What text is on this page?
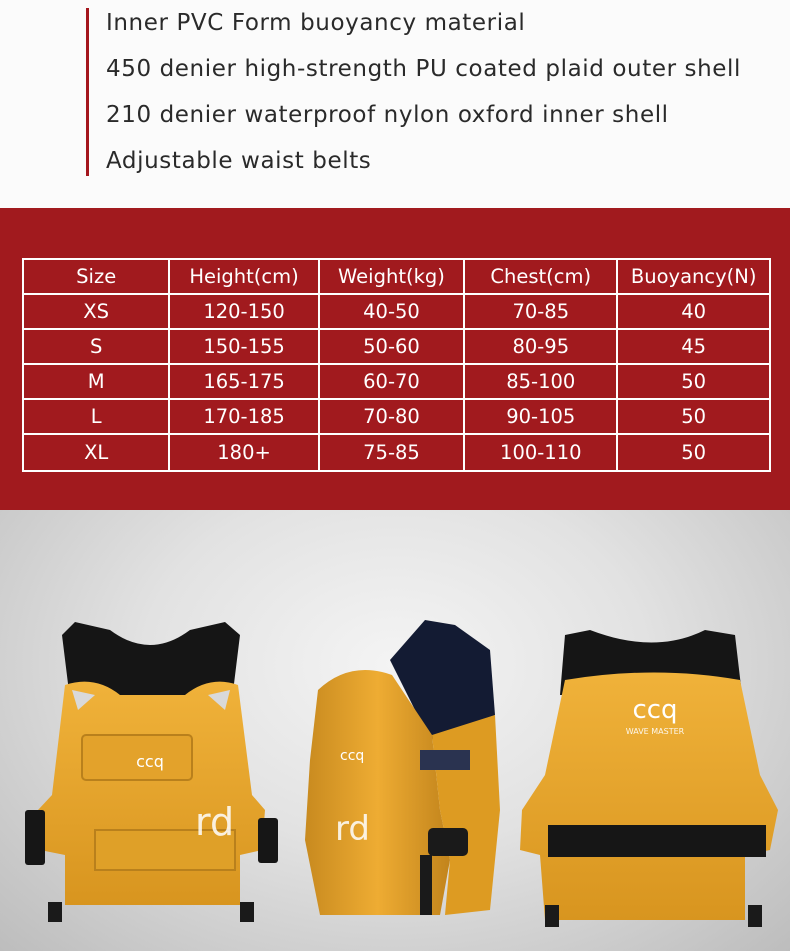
Inner PVC Form buoyancy material
450 denier high-strength PU coated plaid outer shell
210 denier waterproof nylon oxford inner shell
Adjustable waist belts
Size	Height(cm)	Weight(kg)	Chest(cm)	Buoyancy(N)
XS	120-150	40-50	70-85	40
S	150-155	50-60	80-95	45
M	165-175	60-70	85-100	50
L	170-185	70-80	90-105	50
XL	180+	75-85	100-110	50
ccq
rd
ccq
rd
ccq
WAVE MASTER
